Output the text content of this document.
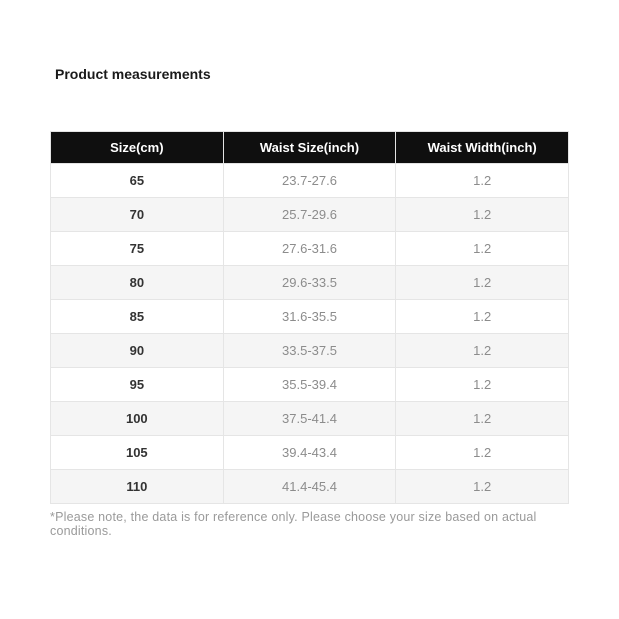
Product measurements
Size(cm)	Waist Size(inch)	Waist Width(inch)
65	23.7-27.6	1.2
70	25.7-29.6	1.2
75	27.6-31.6	1.2
80	29.6-33.5	1.2
85	31.6-35.5	1.2
90	33.5-37.5	1.2
95	35.5-39.4	1.2
100	37.5-41.4	1.2
105	39.4-43.4	1.2
110	41.4-45.4	1.2

*Please note, the data is for reference only. Please choose your size based on actual conditions.
